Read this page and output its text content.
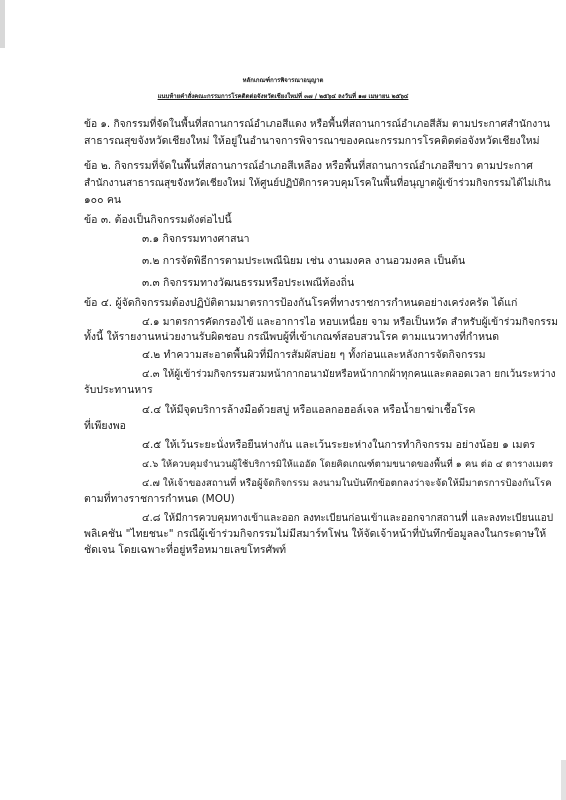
หลักเกณฑ์การพิจารณาอนุญาต
แนบท้ายคำสั่งคณะกรรมการโรคติดต่อจังหวัดเชียงใหม่ที่ ๓๗ / ๒๕๖๔ ลงวันที่ ๑๗ เมษายน ๒๕๖๔
ข้อ ๑. กิจกรรมที่จัดในพื้นที่สถานการณ์อำเภอสีแดง หรือพื้นที่สถานการณ์อำเภอสีส้ม ตามประกาศสำนักงาน
สาธารณสุขจังหวัดเชียงใหม่ ให้อยู่ในอำนาจการพิจารณาของคณะกรรมการโรคติดต่อจังหวัดเชียงใหม่
ข้อ ๒. กิจกรรมที่จัดในพื้นที่สถานการณ์อำเภอสีเหลือง หรือพื้นที่สถานการณ์อำเภอสีขาว ตามประกาศ
สำนักงานสาธารณสุขจังหวัดเชียงใหม่ ให้ศูนย์ปฏิบัติการควบคุมโรคในพื้นที่อนุญาตผู้เข้าร่วมกิจกรรมได้ไม่เกิน
๑๐๐ คน
ข้อ ๓. ต้องเป็นกิจกรรมดังต่อไปนี้
๓.๑ กิจกรรมทางศาสนา
๓.๒ การจัดพิธีการตามประเพณีนิยม เช่น งานมงคล งานอวมงคล เป็นต้น
๓.๓ กิจกรรมทางวัฒนธรรมหรือประเพณีท้องถิ่น
ข้อ ๔. ผู้จัดกิจกรรมต้องปฏิบัติตามมาตรการป้องกันโรคที่ทางราชการกำหนดอย่างเคร่งครัด ได้แก่
๔.๑ มาตรการคัดกรองไข้ และอาการไอ หอบเหนื่อย จาม หรือเป็นหวัด สำหรับผู้เข้าร่วมกิจกรรม
ทั้งนี้ ให้รายงานหน่วยงานรับผิดชอบ กรณีพบผู้ที่เข้าเกณฑ์สอบสวนโรค ตามแนวทางที่กำหนด
๔.๒ ทำความสะอาดพื้นผิวที่มีการสัมผัสบ่อย ๆ ทั้งก่อนและหลังการจัดกิจกรรม
๔.๓ ให้ผู้เข้าร่วมกิจกรรมสวมหน้ากากอนามัยหรือหน้ากากผ้าทุกคนและตลอดเวลา ยกเว้นระหว่าง
รับประทานหาร
๔.๔ ให้มีจุดบริการล้างมือด้วยสบู่ หรือแอลกอฮอล์เจล หรือน้ำยาฆ่าเชื้อโรค
ที่เพียงพอ
๔.๕ ให้เว้นระยะนั่งหรือยืนห่างกัน และเว้นระยะห่างในการทำกิจกรรม อย่างน้อย ๑ เมตร
๔.๖ ให้ควบคุมจำนวนผู้ใช้บริการมิให้แออัด โดยคิดเกณฑ์ตามขนาดของพื้นที่ ๑ คน ต่อ ๔ ตารางเมตร
๔.๗ ให้เจ้าของสถานที่ หรือผู้จัดกิจกรรม ลงนามในบันทึกข้อตกลงว่าจะจัดให้มีมาตรการป้องกันโรค
ตามที่ทางราชการกำหนด (MOU)
๔.๘ ให้มีการควบคุมทางเข้าและออก ลงทะเบียนก่อนเข้าและออกจากสถานที่ และลงทะเบียนแอป
พลิเคชัน "ไทยชนะ" กรณีผู้เข้าร่วมกิจกรรมไม่มีสมาร์ทโฟน ให้จัดเจ้าหน้าที่บันทึกข้อมูลลงในกระดาษให้
ชัดเจน โดยเฉพาะที่อยู่หรือหมายเลขโทรศัพท์
